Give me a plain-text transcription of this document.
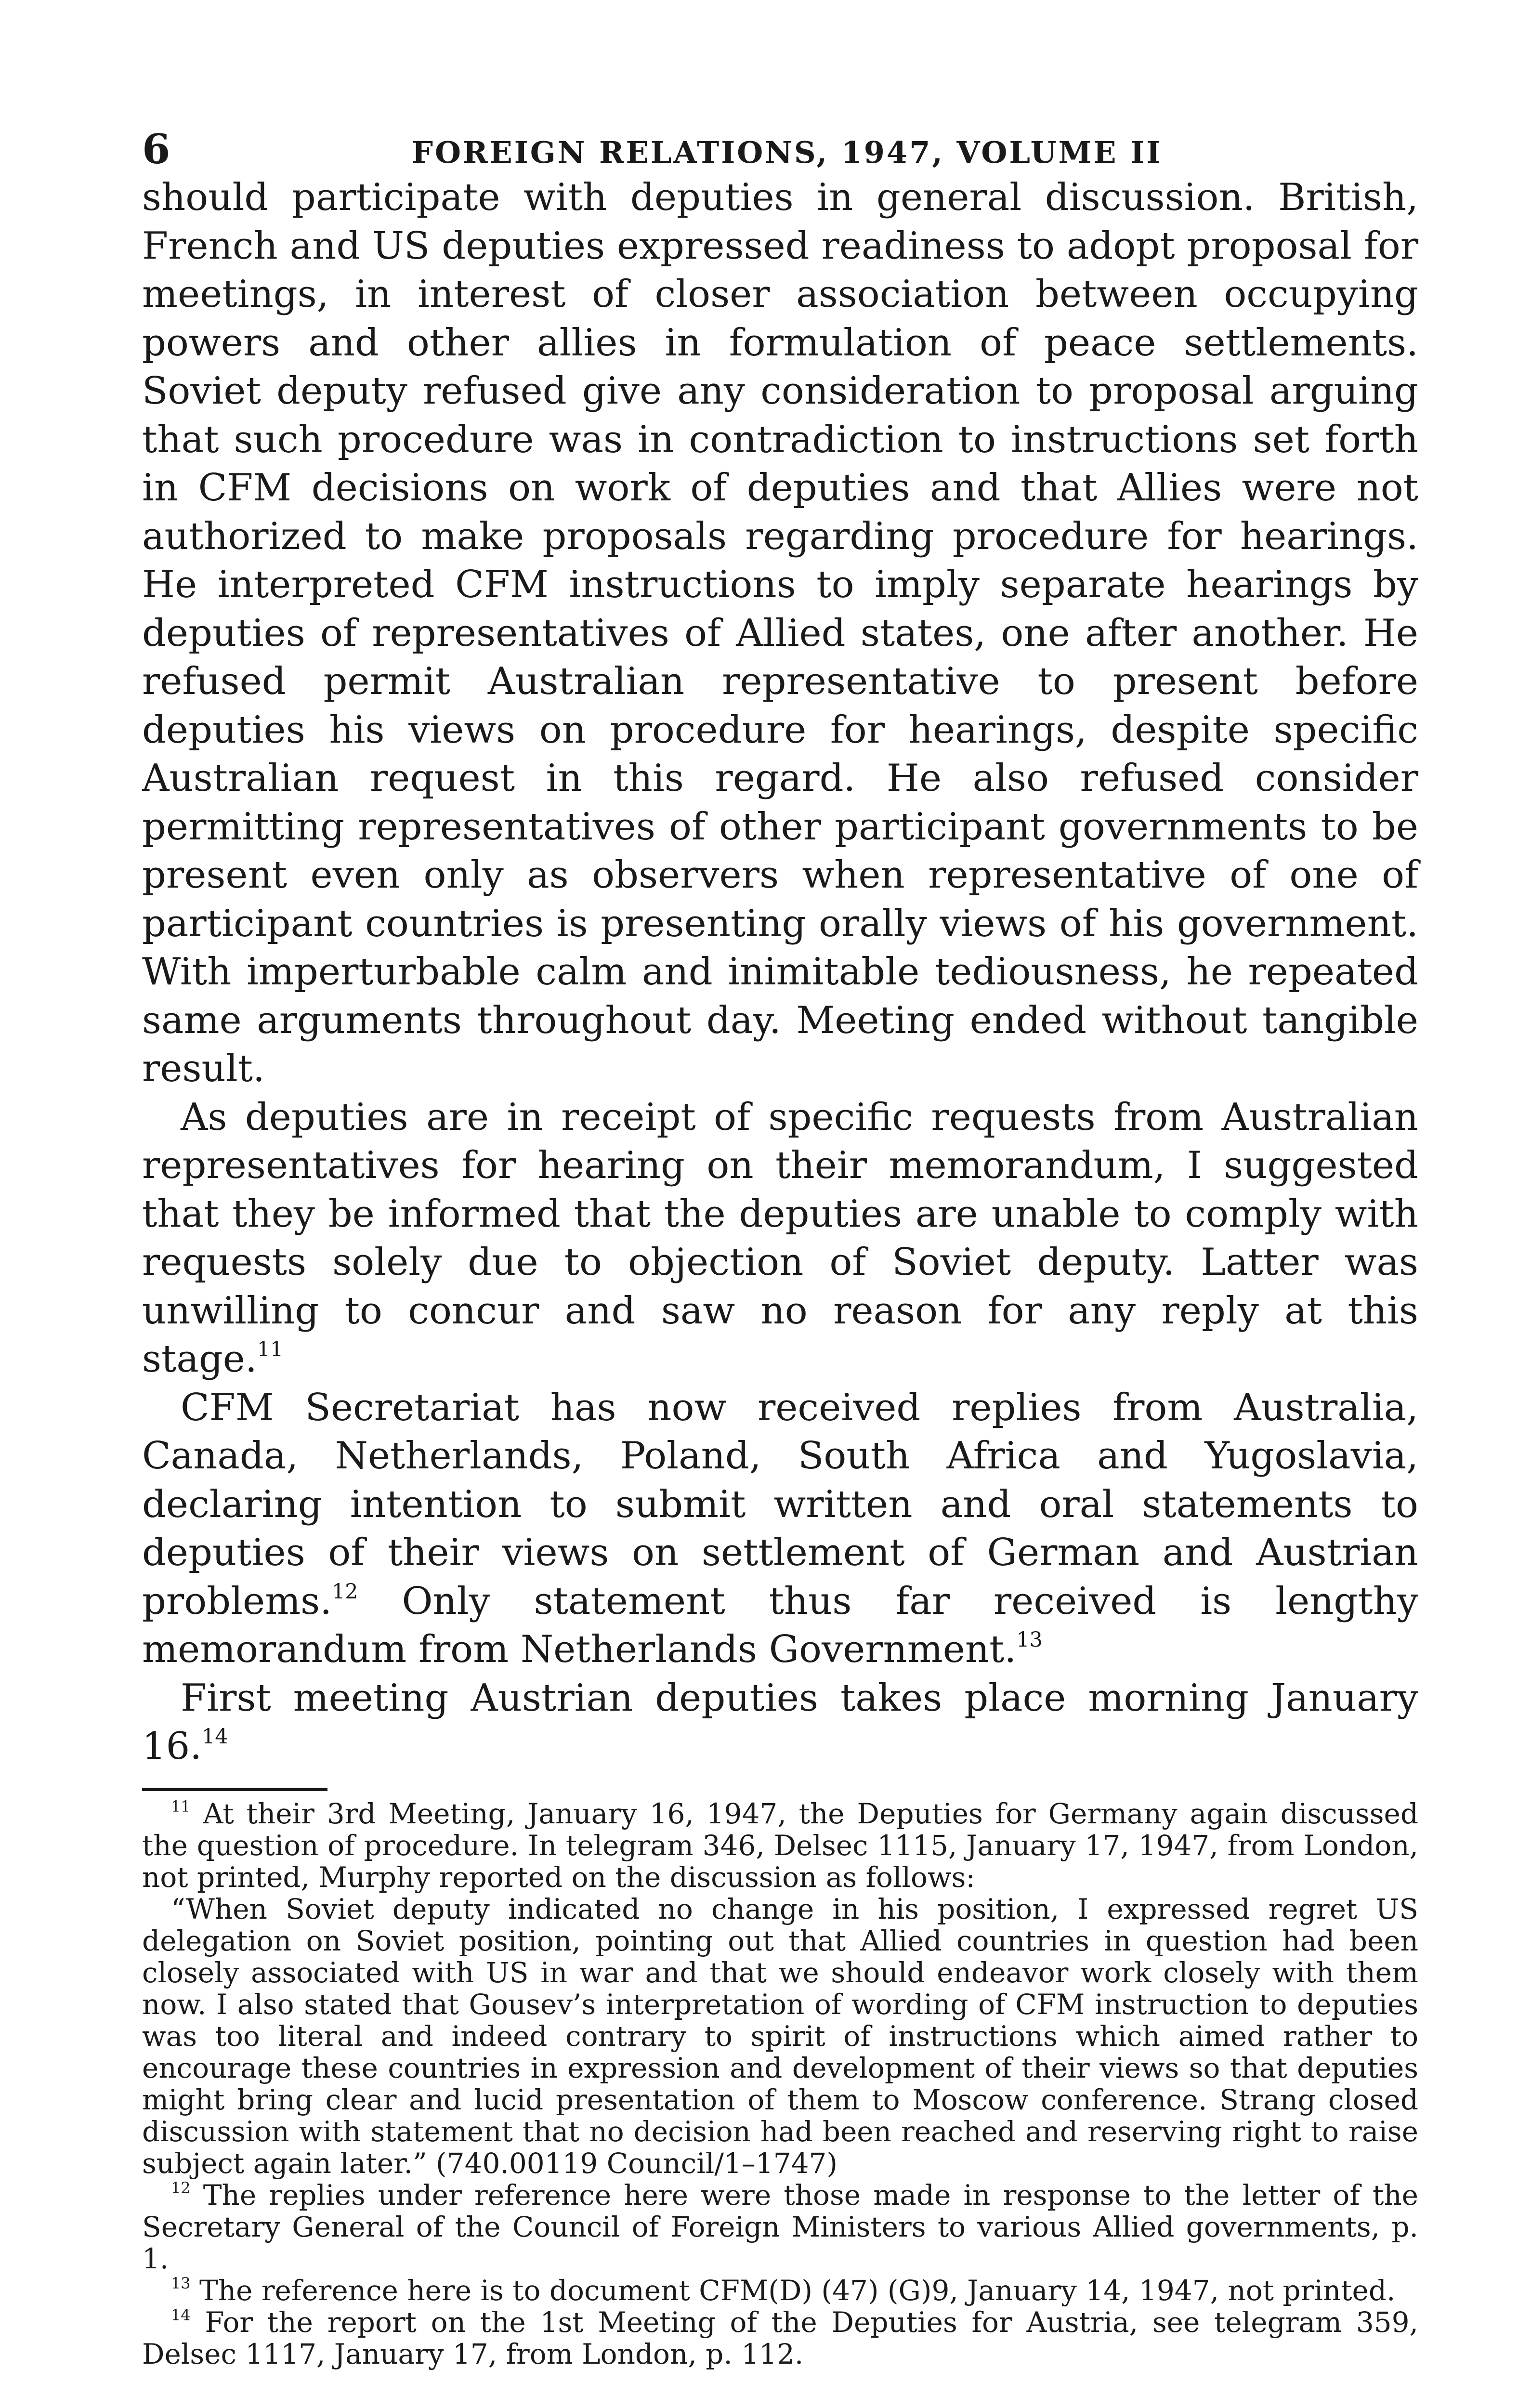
6	FOREIGN RELATIONS, 1947, VOLUME II

should participate with deputies in general discussion. British, French and US deputies expressed readiness to adopt proposal for meetings, in interest of closer association between occupying powers and other allies in formulation of peace settlements. Soviet deputy refused give any consideration to proposal arguing that such procedure was in contradiction to instructions set forth in CFM decisions on work of deputies and that Allies were not authorized to make proposals regarding procedure for hearings. He interpreted CFM instructions to imply separate hearings by deputies of representatives of Allied states, one after another. He refused permit Australian representative to present before deputies his views on procedure for hearings, despite specific Australian request in this regard. He also refused consider permitting representatives of other participant governments to be present even only as observers when representative of one of participant countries is presenting orally views of his government. With imperturbable calm and inimitable tediousness, he repeated same arguments throughout day. Meeting ended without tangible result.

As deputies are in receipt of specific requests from Australian representatives for hearing on their memorandum, I suggested that they be informed that the deputies are unable to comply with requests solely due to objection of Soviet deputy. Latter was unwilling to concur and saw no reason for any reply at this stage.$^{11}$

CFM Secretariat has now received replies from Australia, Canada, Netherlands, Poland, South Africa and Yugoslavia, declaring intention to submit written and oral statements to deputies of their views on settlement of German and Austrian problems.$^{12}$ Only statement thus far received is lengthy memorandum from Netherlands Government.$^{13}$

First meeting Austrian deputies takes place morning January 16.14

$^{11}$ At their 3rd Meeting, January 16, 1947, the Deputies for Germany again discussed the question of procedure. In telegram 346, Delsec 1115, January 17, 1947, from London, not printed, Murphy reported on the discussion as follows:

“When Soviet deputy indicated no change in his position, I expressed regret US delegation on Soviet position, pointing out that Allied countries in question had been closely associated with US in war and that we should endeavor work closely with them now. I also stated that Gousev’s interpretation of wording of CFM instruction to deputies was too literal and indeed contrary to spirit of instructions which aimed rather to encourage these countries in expression and development of their views so that deputies might bring clear and lucid presentation of them to Moscow conference. Strang closed discussion with statement that no decision had been reached and reserving right to raise subject again later.” (740.00119 Council/1–1747)

$^{12}$ The replies under reference here were those made in response to the letter of the Secretary General of the Council of Foreign Ministers to various Allied governments, p. 1.

$^{13}$ The reference here is to document CFM(D) (47) (G)9, January 14, 1947, not printed.

$^{14}$ For the report on the 1st Meeting of the Deputies for Austria, see telegram 359, Delsec 1117, January 17, from London, p. 112.
